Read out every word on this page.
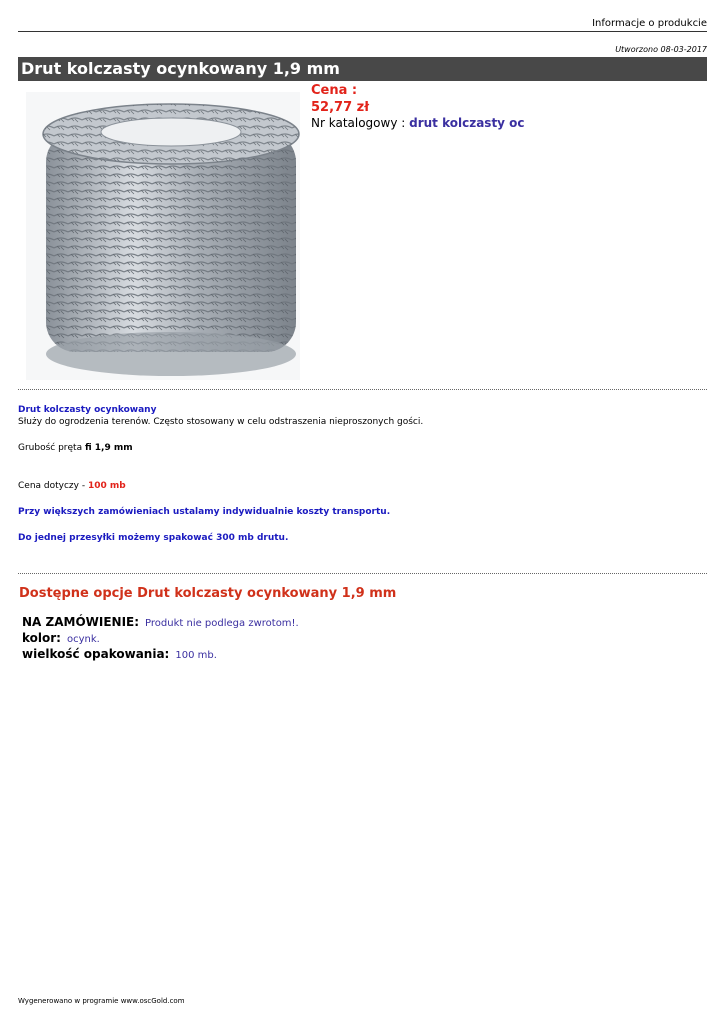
Informacje o produkcie
Utworzono 08-03-2017
Drut kolczasty ocynkowany 1,9 mm
Cena :
52,77 zł
Nr katalogowy : drut kolczasty oc
Drut kolczasty ocynkowany
Służy do ogrodzenia terenów. Często stosowany w celu odstraszenia nieproszonych gości.
Grubość pręta fi 1,9 mm
Cena dotyczy - 100 mb
Przy większych zamówieniach ustalamy indywidualnie koszty transportu.
Do jednej przesyłki możemy spakować 300 mb drutu.
Dostępne opcje Drut kolczasty ocynkowany 1,9 mm
NA ZAMÓWIENIE: Produkt nie podlega zwrotom!.
kolor: ocynk.
wielkość opakowania: 100 mb.
Wygenerowano w programie www.osc​Gold.com
